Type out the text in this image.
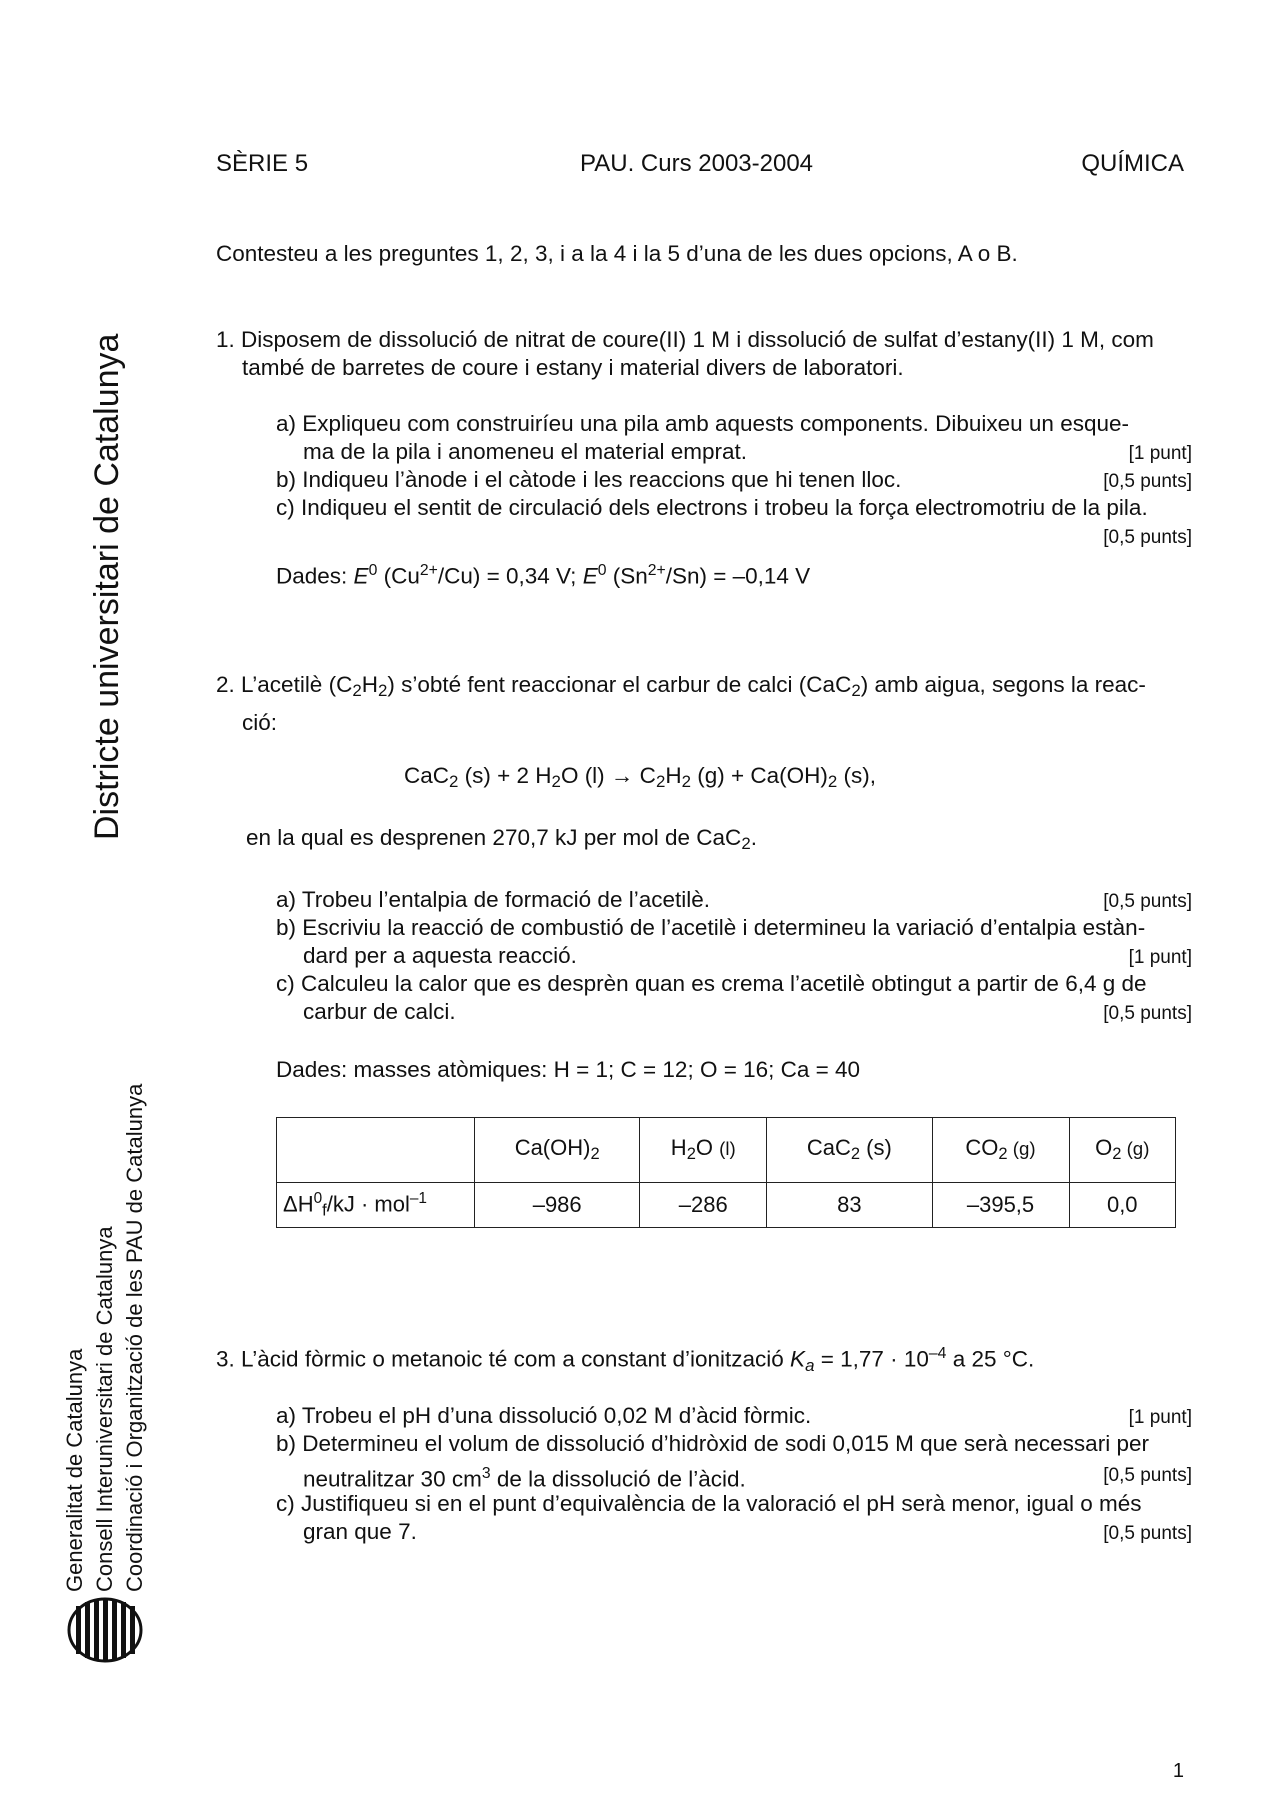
SÈRIE 5	PAU. Curs 2003-2004	QUÍMICA
Districte universitari de Catalunya
Generalitat de Catalunya Consell Interuniversitari de Catalunya Coordinació i Organització de les PAU de Catalunya
Contesteu a les preguntes 1, 2, 3, i a la 4 i la 5 d’una de les dues opcions, A o B.
1. Disposem de dissolució de nitrat de coure(II) 1 M i dissolució de sulfat d’estany(II) 1 M, com
també de barretes de coure i estany i material divers de laboratori.
a) Expliqueu com construiríeu una pila amb aquests components. Dibuixeu un esque-
ma de la pila i anomeneu el material emprat.	[1 punt]
b) Indiqueu l’ànode i el càtode i les reaccions que hi tenen lloc.	[0,5 punts]
c) Indiqueu el sentit de circulació dels electrons i trobeu la força electromotriu de la pila.
[0,5 punts]
Dades: $E^0$ $(Cu^{2+}/Cu) = 0,34$ V; $E^0$ $(Sn^{2+}/Sn) = -0,14$ V
2. L’acetilè $(C_2H_2)$ s’obté fent reaccionar el carbur de calci (CaC$_2$) amb aigua, segons la reac-
ció:
CaC$_2$ (s) + 2 $H_2O$ $(l) \to C_2H_2$ $(g) + Ca(OH)_2$ (s),
en la qual es desprenen 270,7 kJ per mol de CaC$_2$.
a) Trobeu l’entalpia de formació de l’acetilè.	[0,5 punts]
b) Escriviu la reacció de combustió de l’acetilè i determineu la variació d’entalpia estàn-
dard per a aquesta reacció.	[1 punt]
c) Calculeu la calor que es desprèn quan es crema l’acetilè obtingut a partir de 6,4 g de
carbur de calci.	[0,5 punts]
Dades: masses atòmiques: H = 1; C = 12; O = 16; Ca = 40
	$Ca(OH)_2$	$H_2O$ (l)	CaC$_2$ (s)	$CO_2$ (g)	$O_2$ (g)
$\Delta H^0_f/kJ \cdot mol^{-1}$	–986	–286	83	–395,5	0,0
3. L’àcid fòrmic o metanoic té com a constant d’ionització $K_a = 1,77 \cdot 10^{-4}$ a 25 °C.
a) Trobeu el pH d’una dissolució 0,02 M d’àcid fòrmic.	[1 punt]
b) Determineu el volum de dissolució d’hidròxid de sodi 0,015 M que serà necessari per
neutralitzar 30 $cm^3$ de la dissolució de l’àcid.	[0,5 punts]
c) Justifiqueu si en el punt d’equivalència de la valoració el pH serà menor, igual o més
gran que 7.	[0,5 punts]
1
